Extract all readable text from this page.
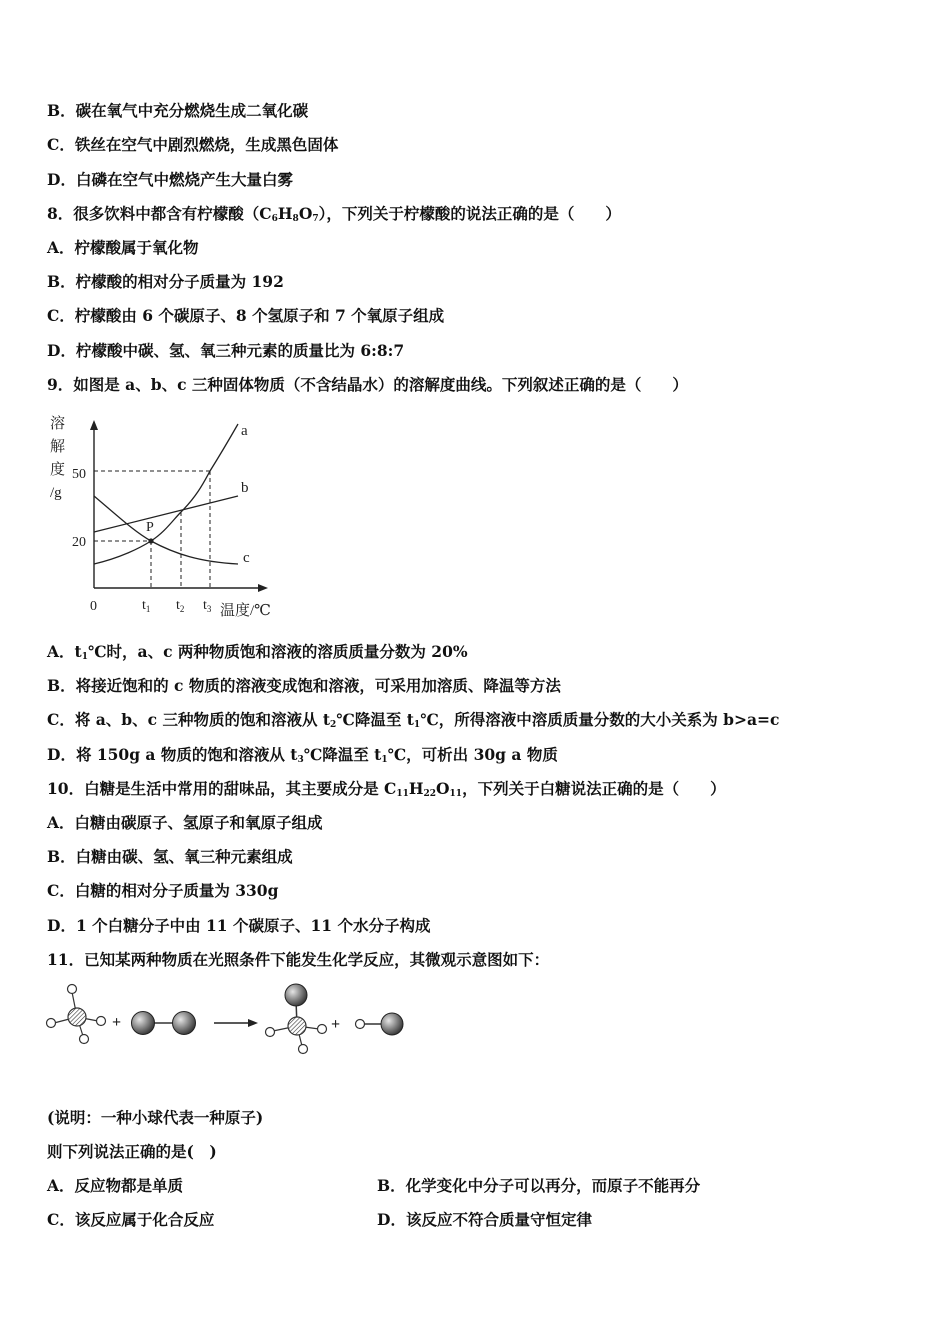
B．碳在氧气中充分燃烧生成二氧化碳
C．铁丝在空气中剧烈燃烧，生成黑色固体
D．白磷在空气中燃烧产生大量白雾
8．很多饮料中都含有柠檬酸$(C_6H_8O_7)$，下列关于柠檬酸的说法正确的是（　　）
A．柠檬酸属于氧化物
B．柠檬酸的相对分子质量为 192
C．柠檬酸由 6 个碳原子、8 个氢原子和 7 个氧原子组成
D．柠檬酸中碳、氢、氧三种元素的质量比为 6:8:7
9．如图是 a、b、c 三种固体物质（不含结晶水）的溶解度曲线。下列叙述正确的是（　　）
溶
解
度
/g
50
20
0	$t_1$ $t_2$ $t_3$ 温度/℃
a
b
c
P
A．$t_1℃$时，a、c 两种物质饱和溶液的溶质质量分数为 20%
B．将接近饱和的 c 物质的溶液变成饱和溶液，可采用加溶质、降温等方法
C．将 a、b、c 三种物质的饱和溶液从 $t_2℃$降温至 $t_1℃$，所得溶液中溶质质量分数的大小关系为 b>a=c
D．将 150g a 物质的饱和溶液从 $t_3℃$降温至 $t_1℃$，可析出 30g a 物质
10．白糖是生活中常用的甜味品，其主要成分是 $C_{11}H_{22}O_{11}$，下列关于白糖说法正确的是（　　）
A．白糖由碳原子、氢原子和氧原子组成
B．白糖由碳、氢、氧三种元素组成
C．白糖的相对分子质量为 330g
D．1 个白糖分子中由 11 个碳原子、11 个水分子构成
11．已知某两种物质在光照条件下能发生化学反应，其微观示意图如下：
+	+
(说明：一种小球代表一种原子)
则下列说法正确的是(　)
A．反应物都是单质	B．化学变化中分子可以再分，而原子不能再分
C．该反应属于化合反应	D．该反应不符合质量守恒定律
